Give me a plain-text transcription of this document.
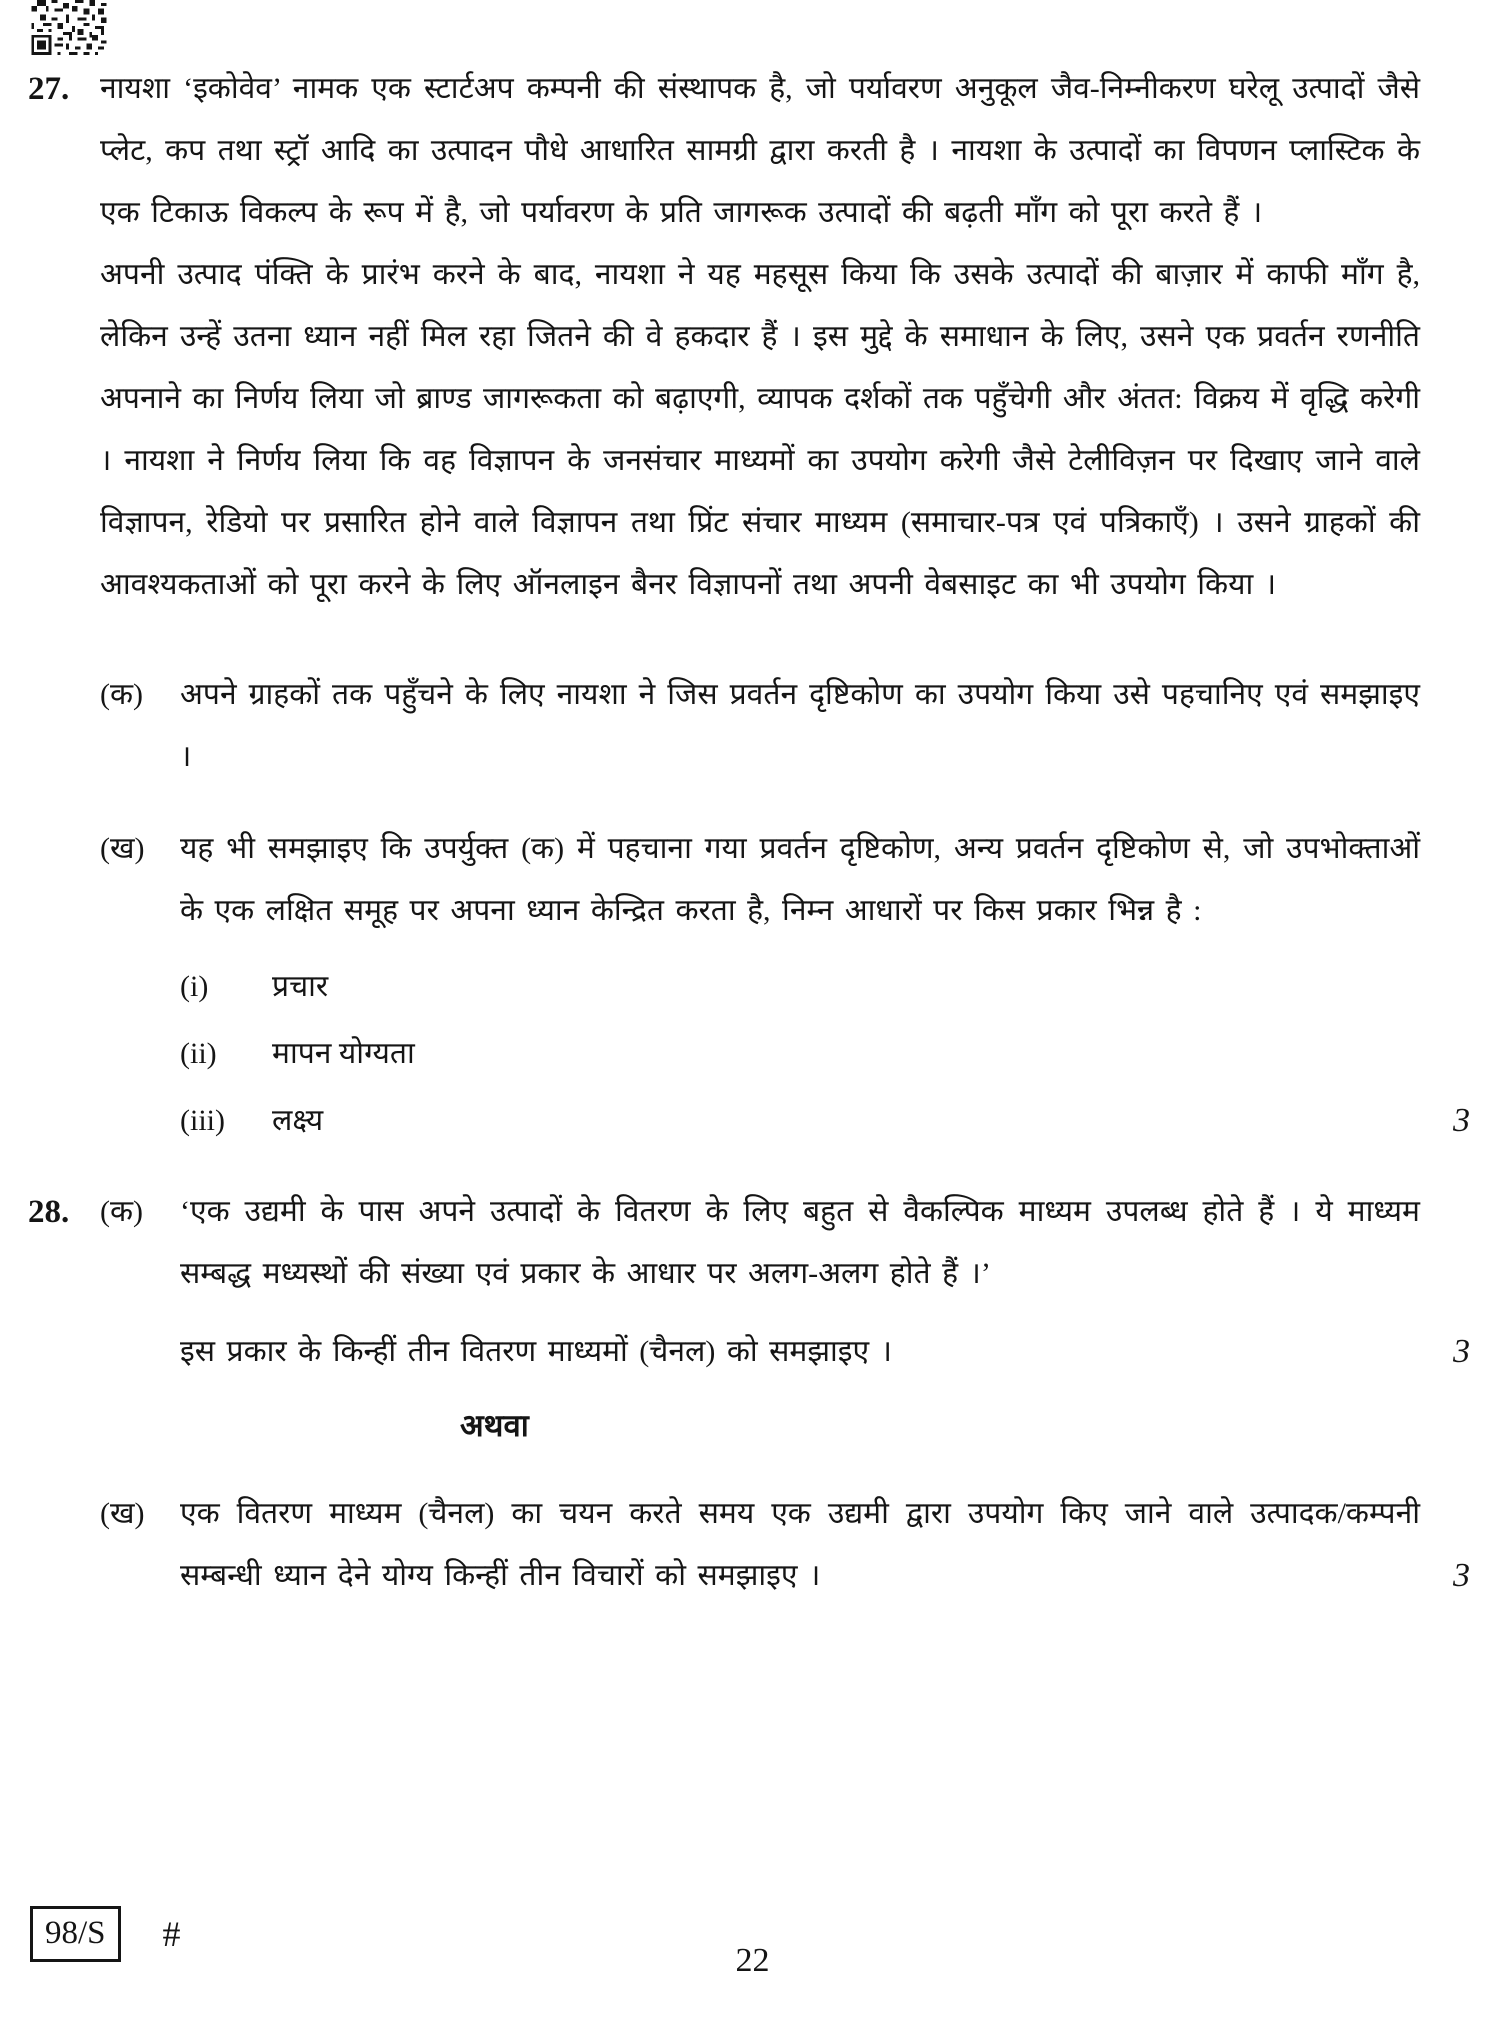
27.	नायशा ‘इकोवेव’ नामक एक स्टार्टअप कम्पनी की संस्थापक है, जो पर्यावरण अनुकूल जैव-निम्नीकरण घरेलू उत्पादों जैसे प्लेट, कप तथा स्ट्रॉ आदि का उत्पादन पौधे आधारित सामग्री द्वारा करती है । नायशा के उत्पादों का विपणन प्लास्टिक के एक टिकाऊ विकल्प के रूप में है, जो पर्यावरण के प्रति जागरूक उत्पादों की बढ़ती माँग को पूरा करते हैं ।

अपनी उत्पाद पंक्ति के प्रारंभ करने के बाद, नायशा ने यह महसूस किया कि उसके उत्पादों की बाज़ार में काफी माँग है, लेकिन उन्हें उतना ध्यान नहीं मिल रहा जितने की वे हकदार हैं । इस मुद्दे के समाधान के लिए, उसने एक प्रवर्तन रणनीति अपनाने का निर्णय लिया जो ब्राण्ड जागरूकता को बढ़ाएगी, व्यापक दर्शकों तक पहुँचेगी और अंतत: विक्रय में वृद्धि करेगी । नायशा ने निर्णय लिया कि वह विज्ञापन के जनसंचार माध्यमों का उपयोग करेगी जैसे टेलीविज़न पर दिखाए जाने वाले विज्ञापन, रेडियो पर प्रसारित होने वाले विज्ञापन तथा प्रिंट संचार माध्यम (समाचार-पत्र एवं पत्रिकाएँ) । उसने ग्राहकों की आवश्यकताओं को पूरा करने के लिए ऑनलाइन बैनर विज्ञापनों तथा अपनी वेबसाइट का भी उपयोग किया ।

(क)	अपने ग्राहकों तक पहुँचने के लिए नायशा ने जिस प्रवर्तन दृष्टिकोण का उपयोग किया उसे पहचानिए एवं समझाइए ।

(ख)	यह भी समझाइए कि उपर्युक्त (क) में पहचाना गया प्रवर्तन दृष्टिकोण, अन्य प्रवर्तन दृष्टिकोण से, जो उपभोक्ताओं के एक लक्षित समूह पर अपना ध्यान केन्द्रित करता है, निम्न आधारों पर किस प्रकार भिन्न है :

(i)	प्रचार
(ii)	मापन योग्यता
(iii)	लक्ष्य	3
28.	(क)	‘एक उद्यमी के पास अपने उत्पादों के वितरण के लिए बहुत से वैकल्पिक माध्यम उपलब्ध होते हैं । ये माध्यम सम्बद्ध मध्यस्थों की संख्या एवं प्रकार के आधार पर अलग-अलग होते हैं ।’

इस प्रकार के किन्हीं तीन वितरण माध्यमों (चैनल) को समझाइए ।	3

अथवा
(ख)	एक वितरण माध्यम (चैनल) का चयन करते समय एक उद्यमी द्वारा उपयोग किए जाने वाले उत्पादक/कम्पनी सम्बन्धी ध्यान देने योग्य किन्हीं तीन विचारों को समझाइए ।	3

98/S	#
22
